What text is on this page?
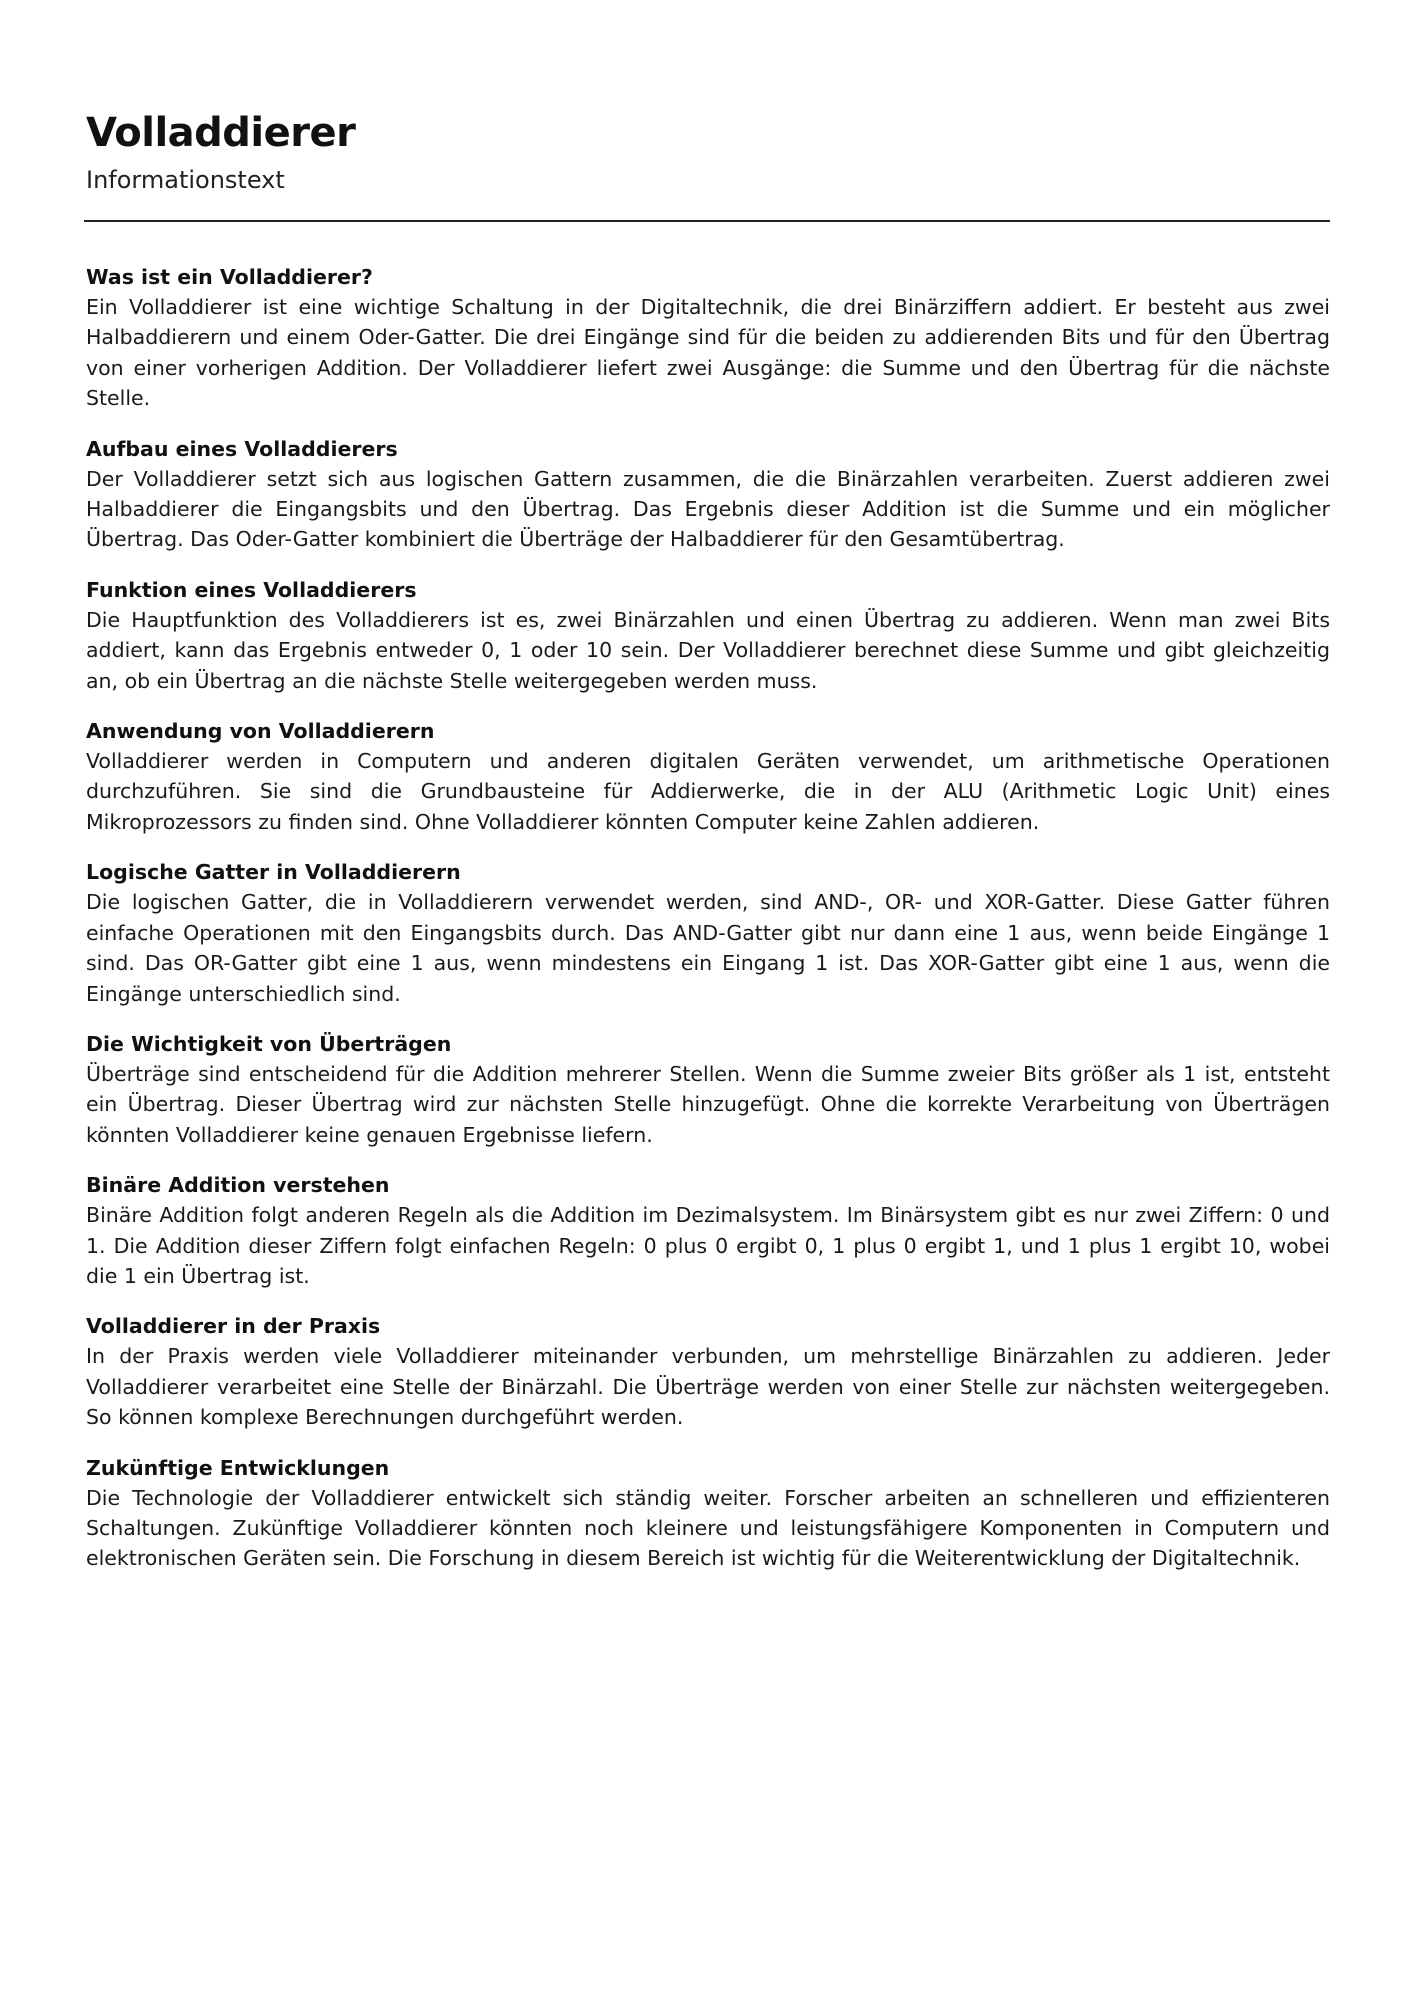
Volladdierer
Informationstext
Was ist ein Volladdierer?

Ein Volladdierer ist eine wichtige Schaltung in der Digitaltechnik, die drei Binärziffern addiert. Er besteht aus zwei Halbaddierern und einem Oder-Gatter. Die drei Eingänge sind für die beiden zu addierenden Bits und für den Übertrag von einer vorherigen Addition. Der Volladdierer liefert zwei Ausgänge: die Summe und den Übertrag für die nächste Stelle.

Aufbau eines Volladdierers

Der Volladdierer setzt sich aus logischen Gattern zusammen, die die Binärzahlen verarbeiten. Zuerst addieren zwei Halbaddierer die Eingangsbits und den Übertrag. Das Ergebnis dieser Addition ist die Summe und ein möglicher Übertrag. Das Oder-Gatter kombiniert die Überträge der Halbaddierer für den Gesamtübertrag.

Funktion eines Volladdierers

Die Hauptfunktion des Volladdierers ist es, zwei Binärzahlen und einen Übertrag zu addieren. Wenn man zwei Bits addiert, kann das Ergebnis entweder 0, 1 oder 10 sein. Der Volladdierer berechnet diese Summe und gibt gleichzeitig an, ob ein Übertrag an die nächste Stelle weitergegeben werden muss.

Anwendung von Volladdierern

Volladdierer werden in Computern und anderen digitalen Geräten verwendet, um arithmetische Operationen durchzuführen. Sie sind die Grundbausteine für Addierwerke, die in der ALU (Arithmetic Logic Unit) eines Mikroprozessors zu finden sind. Ohne Volladdierer könnten Computer keine Zahlen addieren.

Logische Gatter in Volladdierern

Die logischen Gatter, die in Volladdierern verwendet werden, sind AND-, OR- und XOR-Gatter. Diese Gatter führen einfache Operationen mit den Eingangsbits durch. Das AND-Gatter gibt nur dann eine 1 aus, wenn beide Eingänge 1 sind. Das OR-Gatter gibt eine 1 aus, wenn mindestens ein Eingang 1 ist. Das XOR-Gatter gibt eine 1 aus, wenn die Eingänge unterschiedlich sind.

Die Wichtigkeit von Überträgen

Überträge sind entscheidend für die Addition mehrerer Stellen. Wenn die Summe zweier Bits größer als 1 ist, entsteht ein Übertrag. Dieser Übertrag wird zur nächsten Stelle hinzugefügt. Ohne die korrekte Verarbeitung von Überträgen könnten Volladdierer keine genauen Ergebnisse liefern.

Binäre Addition verstehen

Binäre Addition folgt anderen Regeln als die Addition im Dezimalsystem. Im Binärsystem gibt es nur zwei Ziffern: 0 und 1. Die Addition dieser Ziffern folgt einfachen Regeln: 0 plus 0 ergibt 0, 1 plus 0 ergibt 1, und 1 plus 1 ergibt 10, wobei die 1 ein Übertrag ist.

Volladdierer in der Praxis

In der Praxis werden viele Volladdierer miteinander verbunden, um mehrstellige Binärzahlen zu addieren. Jeder Volladdierer verarbeitet eine Stelle der Binärzahl. Die Überträge werden von einer Stelle zur nächsten weitergegeben. So können komplexe Berechnungen durchgeführt werden.

Zukünftige Entwicklungen

Die Technologie der Volladdierer entwickelt sich ständig weiter. Forscher arbeiten an schnelleren und effizienteren Schaltungen. Zukünftige Volladdierer könnten noch kleinere und leistungsfähigere Komponenten in Computern und elektronischen Geräten sein. Die Forschung in diesem Bereich ist wichtig für die Weiterentwicklung der Digitaltechnik.
